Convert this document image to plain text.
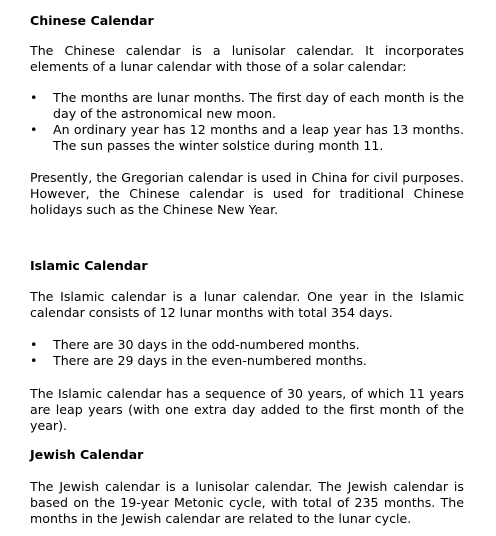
Chinese Calendar

The Chinese calendar is a lunisolar calendar. It incorporates elements of a lunar calendar with those of a solar calendar:

• The months are lunar months. The first day of each month is the day of the astronomical new moon.
• An ordinary year has 12 months and a leap year has 13 months. The sun passes the winter solstice during month 11.

Presently, the Gregorian calendar is used in China for civil purposes. However, the Chinese calendar is used for traditional Chinese holidays such as the Chinese New Year.

Islamic Calendar

The Islamic calendar is a lunar calendar. One year in the Islamic calendar consists of 12 lunar months with total 354 days.

• There are 30 days in the odd-numbered months.
• There are 29 days in the even-numbered months.

The Islamic calendar has a sequence of 30 years, of which 11 years are leap years (with one extra day added to the first month of the year).

Jewish Calendar

The Jewish calendar is a lunisolar calendar. The Jewish calendar is based on the 19-year Metonic cycle, with total of 235 months. The months in the Jewish calendar are related to the lunar cycle.
